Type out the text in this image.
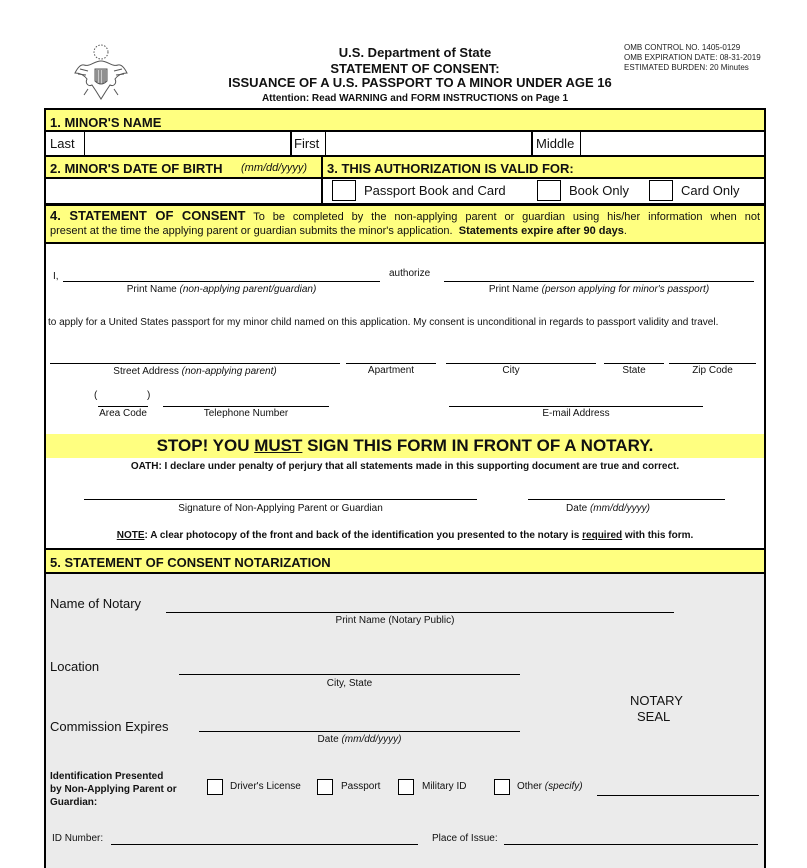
U.S. Department of State
STATEMENT OF CONSENT:
ISSUANCE OF A U.S. PASSPORT TO A MINOR UNDER AGE 16
Attention: Read WARNING and FORM INSTRUCTIONS on Page 1
OMB CONTROL NO. 1405-0129
OMB EXPIRATION DATE: 08-31-2019
ESTIMATED BURDEN: 20 Minutes
1. MINOR'S NAME
Last	First	Middle
2. MINOR'S DATE OF BIRTH (mm/dd/yyyy) 3. THIS AUTHORIZATION IS VALID FOR:
Passport Book and Card	Book Only	Card Only
4. STATEMENT OF CONSENT To be completed by the non-applying parent or guardian using his/her information when not
present at the time the applying parent or guardian submits the minor's application. Statements expire after 90 days.
I,	authorize
Print Name (non-applying parent/guardian)	Print Name (person applying for minor's passport)
to apply for a United States passport for my minor child named on this application. My consent is unconditional in regards to passport validity and travel.
Street Address (non-applying parent)	Apartment	City	State	Zip Code
(	)
Area Code	Telephone Number	E-mail Address
STOP! YOU MUST SIGN THIS FORM IN FRONT OF A NOTARY.
OATH: I declare under penalty of perjury that all statements made in this supporting document are true and correct.
Signature of Non-Applying Parent or Guardian	Date (mm/dd/yyyy)
NOTE: A clear photocopy of the front and back of the identification you presented to the notary is required with this form.
5. STATEMENT OF CONSENT NOTARIZATION
Name of Notary
Print Name (Notary Public)
Location
City, State
NOTARY
SEAL
Commission Expires
Date (mm/dd/yyyy)
Identification Presented
by Non-Applying Parent or
Guardian:
Driver's License	Passport	Military ID	Other (specify)
ID Number:	Place of Issue:
